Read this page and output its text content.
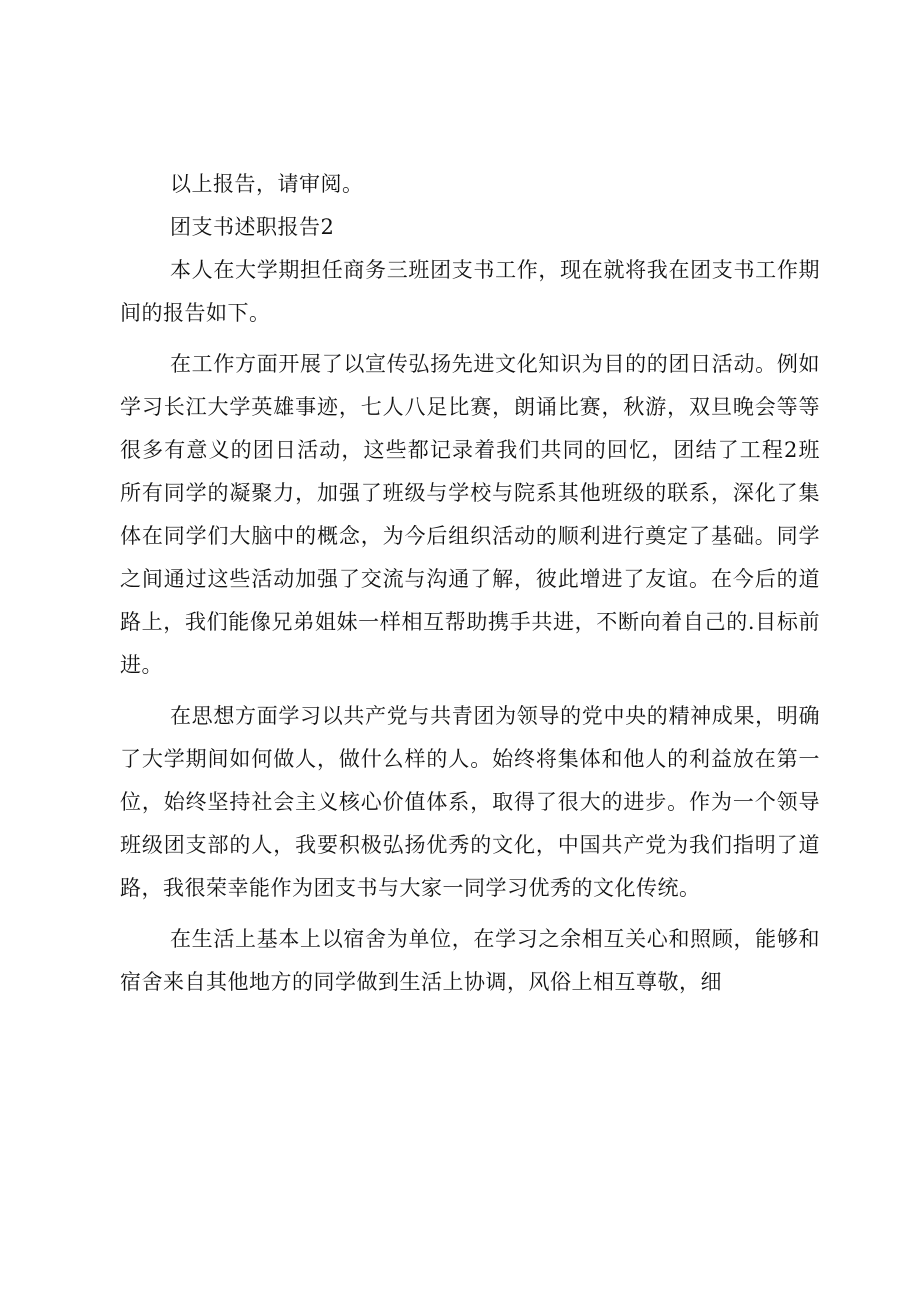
以上报告，请审阅。

团支书述职报告2

本人在大学期担任商务三班团支书工作，现在就将我在团支书工作期间的报告如下。

在工作方面开展了以宣传弘扬先进文化知识为目的的团日活动。例如学习长江大学英雄事迹，七人八足比赛，朗诵比赛，秋游，双旦晚会等等很多有意义的团日活动，这些都记录着我们共同的回忆，团结了工程2班所有同学的凝聚力，加强了班级与学校与院系其他班级的联系，深化了集体在同学们大脑中的概念，为今后组织活动的顺利进行奠定了基础。同学之间通过这些活动加强了交流与沟通了解，彼此增进了友谊。在今后的道路上，我们能像兄弟姐妹一样相互帮助携手共进，不断向着自己的.目标前进。

在思想方面学习以共产党与共青团为领导的党中央的精神成果，明确了大学期间如何做人，做什么样的人。始终将集体和他人的利益放在第一位，始终坚持社会主义核心价值体系，取得了很大的进步。作为一个领导班级团支部的人，我要积极弘扬优秀的文化，中国共产党为我们指明了道路，我很荣幸能作为团支书与大家一同学习优秀的文化传统。

在生活上基本上以宿舍为单位，在学习之余相互关心和照顾，能够和宿舍来自其他地方的同学做到生活上协调，风俗上相互尊敬，细
